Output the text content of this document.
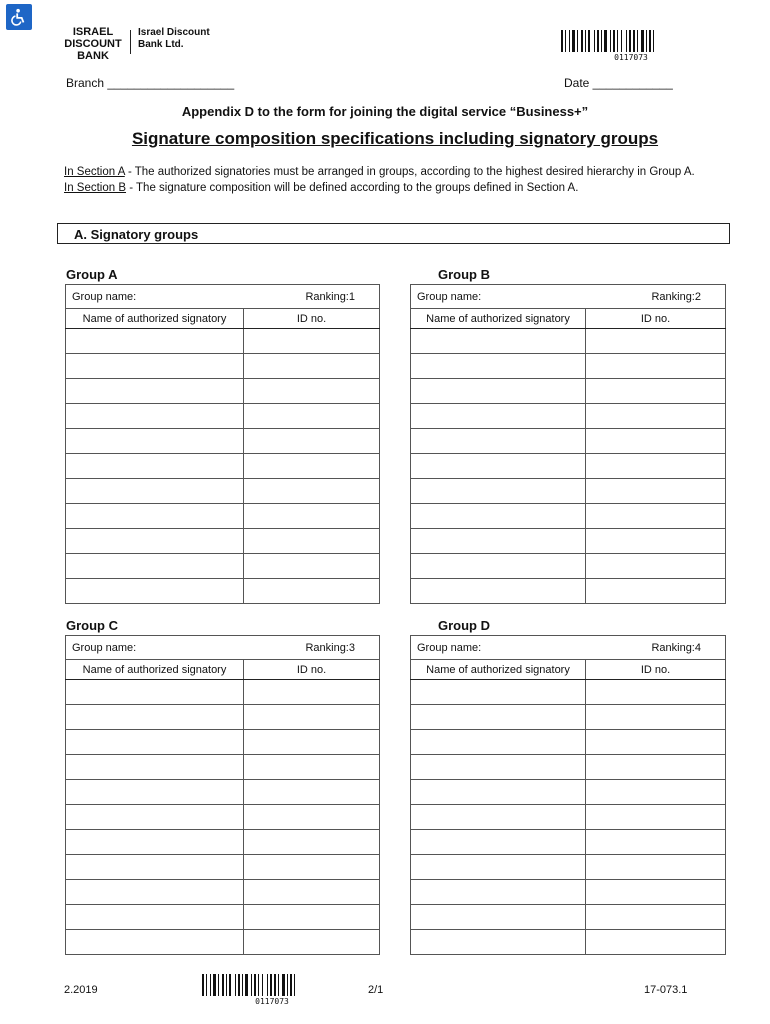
ISRAEL
DISCOUNT
BANK
Israel Discount
Bank Ltd.
0117073
Branch ___________________	Date ____________
Appendix D to the form for joining the digital service “Business+”
Signature composition specifications including signatory groups
In Section A - The authorized signatories must be arranged in groups, according to the highest desired hierarchy in Group A.
In Section B - The signature composition will be defined according to the groups defined in Section A.
A. Signatory groups
Group A
Group name: Ranking:1	

Name of authorized signatory	ID no.

Group B
Group name: Ranking:2	

Name of authorized signatory	ID no.

Group C
Group name: Ranking:3	

Name of authorized signatory	ID no.

Group D
Group name: Ranking:4	

Name of authorized signatory	ID no.

2.2019
0117073
2/1	17-073.1
